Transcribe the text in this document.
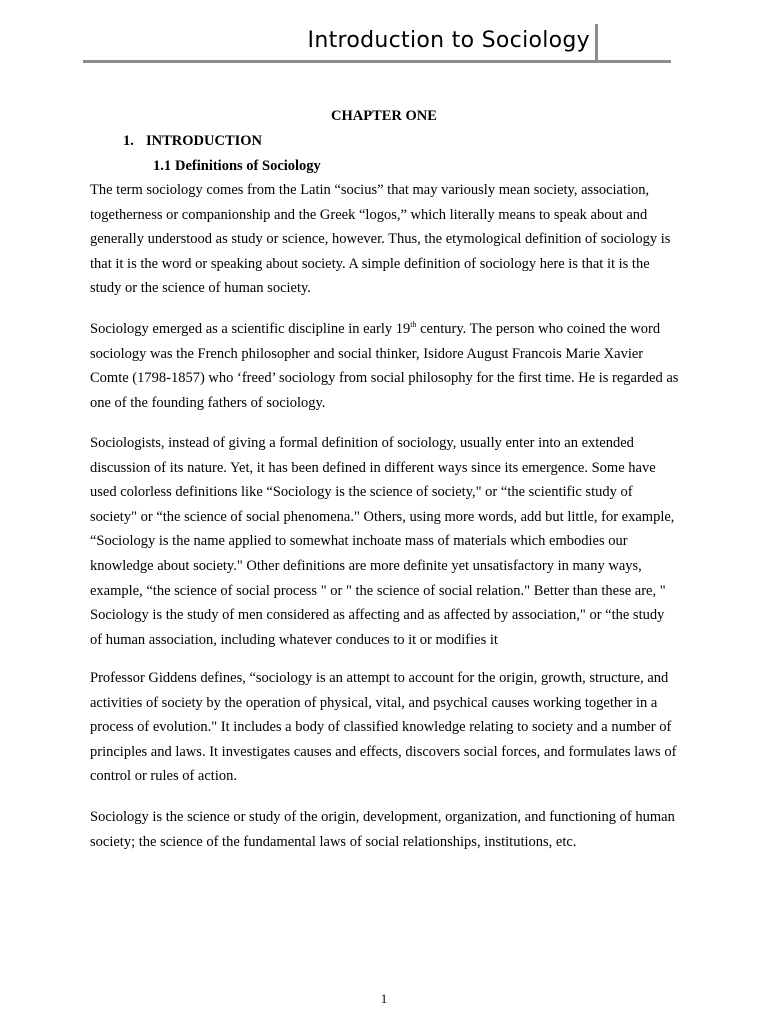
Introduction to Sociology
CHAPTER ONE
1. INTRODUCTION
1.1 Definitions of Sociology

The term sociology comes from the Latin “socius” that may variously mean society, association, togetherness or companionship and the Greek “logos,” which literally means to speak about and generally understood as study or science, however. Thus, the etymological definition of sociology is that it is the word or speaking about society. A simple definition of sociology here is that it is the study or the science of human society.

Sociology emerged as a scientific discipline in early 19th century. The person who coined the word sociology was the French philosopher and social thinker, Isidore August Francois Marie Xavier Comte (1798-1857) who ‘freed’ sociology from social philosophy for the first time. He is regarded as one of the founding fathers of sociology.

Sociologists, instead of giving a formal definition of sociology, usually enter into an extended discussion of its nature. Yet, it has been defined in different ways since its emergence. Some have used colorless definitions like “Sociology is the science of society," or “the scientific study of society" or “the science of social phenomena." Others, using more words, add but little, for example, “Sociology is the name applied to somewhat inchoate mass of materials which embodies our knowledge about society." Other definitions are more definite yet unsatisfactory in many ways, example, “the science of social process " or " the science of social relation." Better than these are, " Sociology is the study of men considered as affecting and as affected by association," or “the study of human association, including whatever conduces to it or modifies it

Professor Giddens defines, “sociology is an attempt to account for the origin, growth, structure, and activities of society by the operation of physical, vital, and psychical causes working together in a process of evolution." It includes a body of classified knowledge relating to society and a number of principles and laws. It investigates causes and effects, discovers social forces, and formulates laws of control or rules of action.

Sociology is the science or study of the origin, development, organization, and functioning of human society; the science of the fundamental laws of social relationships, institutions, etc.

1
